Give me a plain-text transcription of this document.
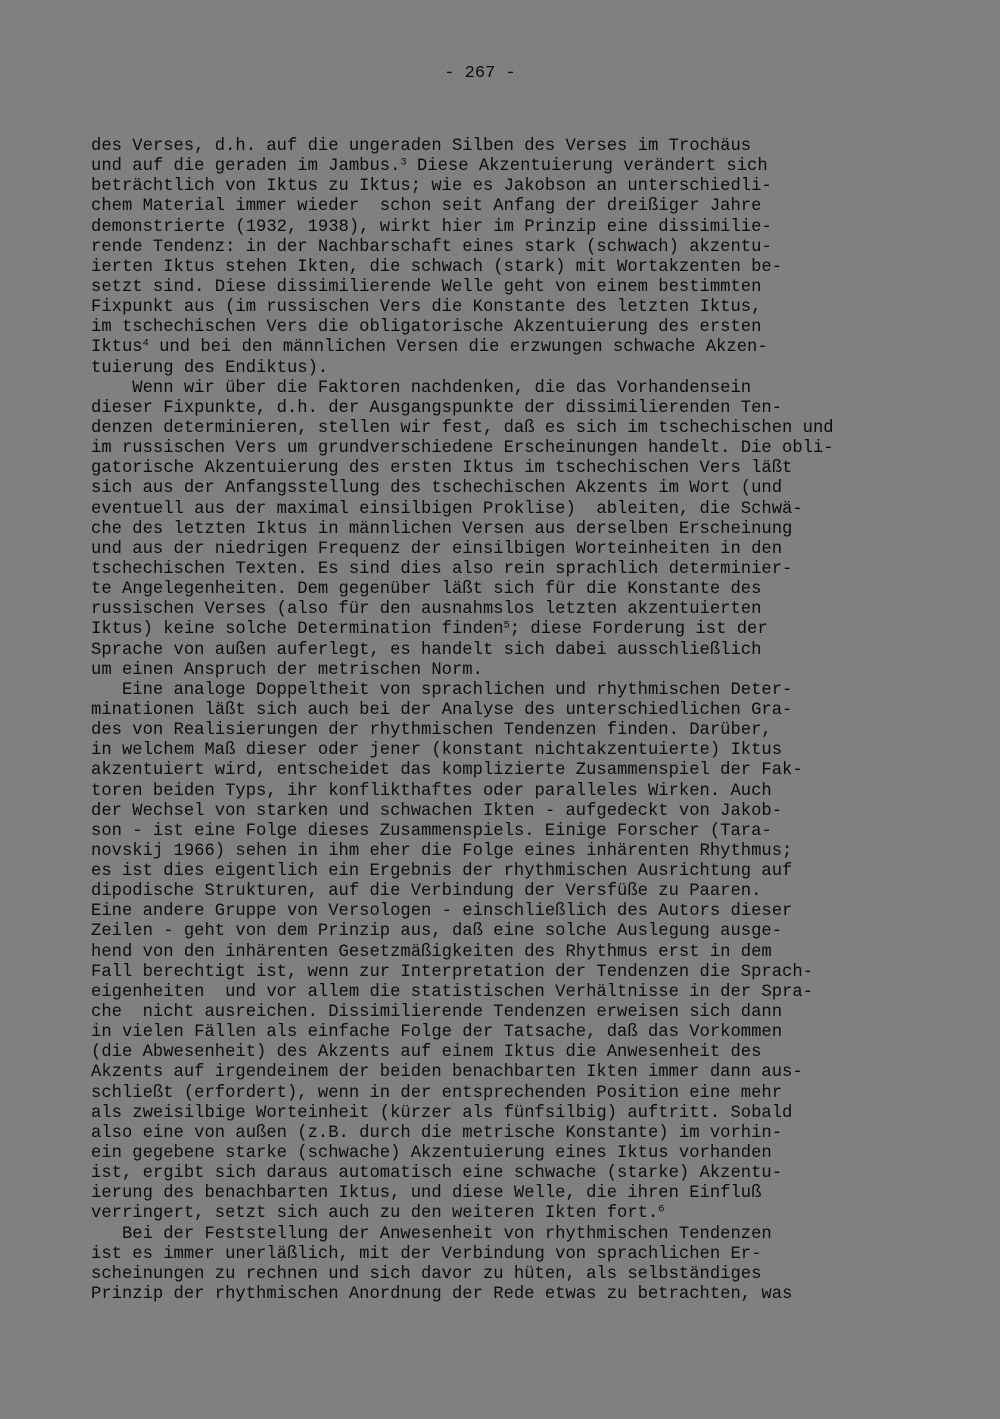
- 267 -
des Verses, d.h. auf die ungeraden Silben des Verses im Trochäus
und auf die geraden im Jambus.$^3$ Diese Akzentuierung verändert sich
beträchtlich von Iktus zu Iktus; wie es Jakobson an unterschiedli-
chem Material immer wieder  schon seit Anfang der dreißiger Jahre
demonstrierte (1932, 1938), wirkt hier im Prinzip eine dissimilie-
rende Tendenz: in der Nachbarschaft eines stark (schwach) akzentu-
ierten Iktus stehen Ikten, die schwach (stark) mit Wortakzenten be-
setzt sind. Diese dissimilierende Welle geht von einem bestimmten
Fixpunkt aus (im russischen Vers die Konstante des letzten Iktus,
im tschechischen Vers die obligatorische Akzentuierung des ersten
Iktus$^4$ und bei den männlichen Versen die erzwungen schwache Akzen-
tuierung des Endiktus).
Wenn wir über die Faktoren nachdenken, die das Vorhandensein
dieser Fixpunkte, d.h. der Ausgangspunkte der dissimilierenden Ten-
denzen determinieren, stellen wir fest, daß es sich im tschechischen und
im russischen Vers um grundverschiedene Erscheinungen handelt. Die obli-
gatorische Akzentuierung des ersten Iktus im tschechischen Vers läßt
sich aus der Anfangsstellung des tschechischen Akzents im Wort (und
eventuell aus der maximal einsilbigen Proklise)  ableiten, die Schwä-
che des letzten Iktus in männlichen Versen aus derselben Erscheinung
und aus der niedrigen Frequenz der einsilbigen Worteinheiten in den
tschechischen Texten. Es sind dies also rein sprachlich determinier-
te Angelegenheiten. Dem gegenüber läßt sich für die Konstante des
russischen Verses (also für den ausnahmslos letzten akzentuierten
Iktus) keine solche Determination finden$^5$; diese Forderung ist der
Sprache von außen auferlegt, es handelt sich dabei ausschließlich
um einen Anspruch der metrischen Norm.
Eine analoge Doppeltheit von sprachlichen und rhythmischen Deter-
minationen läßt sich auch bei der Analyse des unterschiedlichen Gra-
des von Realisierungen der rhythmischen Tendenzen finden. Darüber,
in welchem Maß dieser oder jener (konstant nichtakzentuierte) Iktus
akzentuiert wird, entscheidet das komplizierte Zusammenspiel der Fak-
toren beiden Typs, ihr konflikthaftes oder paralleles Wirken. Auch
der Wechsel von starken und schwachen Ikten - aufgedeckt von Jakob-
son - ist eine Folge dieses Zusammenspiels. Einige Forscher (Tara-
novskij 1966) sehen in ihm eher die Folge eines inhärenten Rhythmus;
es ist dies eigentlich ein Ergebnis der rhythmischen Ausrichtung auf
dipodische Strukturen, auf die Verbindung der Versfüße zu Paaren.
Eine andere Gruppe von Versologen - einschließlich des Autors dieser
Zeilen - geht von dem Prinzip aus, daß eine solche Auslegung ausge-
hend von den inhärenten Gesetzmäßigkeiten des Rhythmus erst in dem
Fall berechtigt ist, wenn zur Interpretation der Tendenzen die Sprach-
eigenheiten  und vor allem die statistischen Verhältnisse in der Spra-
che  nicht ausreichen. Dissimilierende Tendenzen erweisen sich dann
in vielen Fällen als einfache Folge der Tatsache, daß das Vorkommen
(die Abwesenheit) des Akzents auf einem Iktus die Anwesenheit des
Akzents auf irgendeinem der beiden benachbarten Ikten immer dann aus-
schließt (erfordert), wenn in der entsprechenden Position eine mehr
als zweisilbige Worteinheit (kürzer als fünfsilbig) auftritt. Sobald
also eine von außen (z.B. durch die metrische Konstante) im vorhin-
ein gegebene starke (schwache) Akzentuierung eines Iktus vorhanden
ist, ergibt sich daraus automatisch eine schwache (starke) Akzentu-
ierung des benachbarten Iktus, und diese Welle, die ihren Einfluß
verringert, setzt sich auch zu den weiteren Ikten fort.$^6$
Bei der Feststellung der Anwesenheit von rhythmischen Tendenzen
ist es immer unerläßlich, mit der Verbindung von sprachlichen Er-
scheinungen zu rechnen und sich davor zu hüten, als selbständiges
Prinzip der rhythmischen Anordnung der Rede etwas zu betrachten, was
